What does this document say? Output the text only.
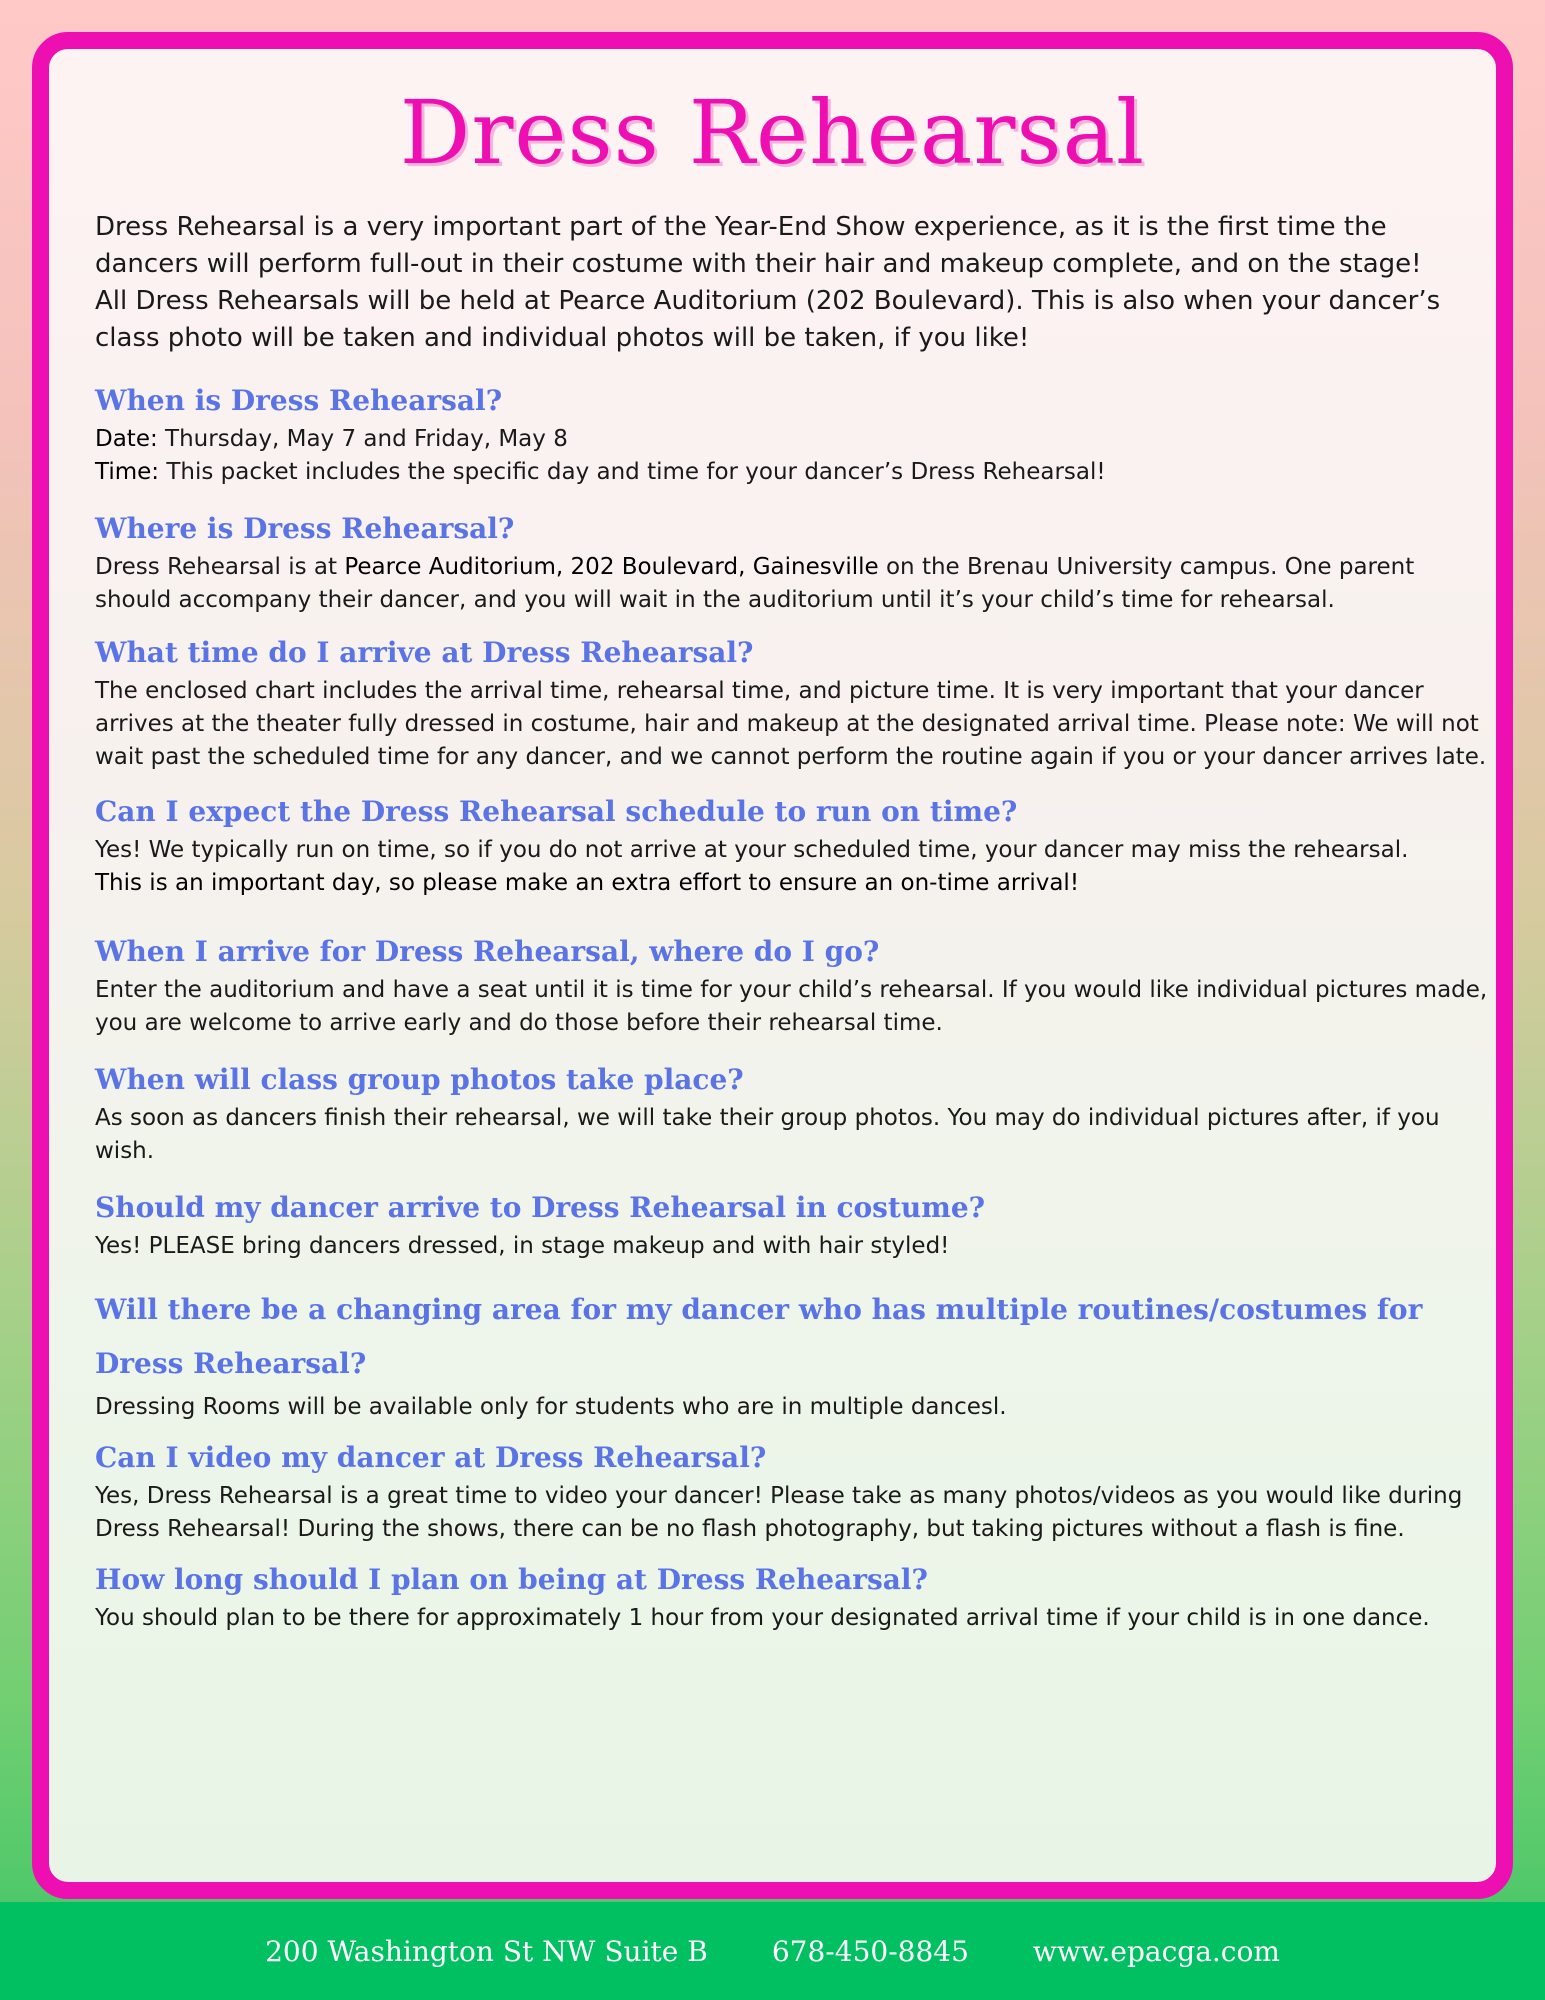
Dress Rehearsal

Dress Rehearsal is a very important part of the Year-End Show experience, as it is the first time the dancers will perform full-out in their costume with their hair and makeup complete, and on the stage! All Dress Rehearsals will be held at Pearce Auditorium (202 Boulevard). This is also when your dancer’s class photo will be taken and individual photos will be taken, if you like!

When is Dress Rehearsal?

Date: Thursday, May 7 and Friday, May 8
Time: This packet includes the specific day and time for your dancer’s Dress Rehearsal!

Where is Dress Rehearsal?

Dress Rehearsal is at Pearce Auditorium, 202 Boulevard, Gainesville on the Brenau University campus. One parent should accompany their dancer, and you will wait in the auditorium until it’s your child’s time for rehearsal.

What time do I arrive at Dress Rehearsal?

The enclosed chart includes the arrival time, rehearsal time, and picture time. It is very important that your dancer arrives at the theater fully dressed in costume, hair and makeup at the designated arrival time. Please note: We will not wait past the scheduled time for any dancer, and we cannot perform the routine again if you or your dancer arrives late.

Can I expect the Dress Rehearsal schedule to run on time?

Yes! We typically run on time, so if you do not arrive at your scheduled time, your dancer may miss the rehearsal.
This is an important day, so please make an extra effort to ensure an on-time arrival!

When I arrive for Dress Rehearsal, where do I go?

Enter the auditorium and have a seat until it is time for your child’s rehearsal. If you would like individual pictures made, you are welcome to arrive early and do those before their rehearsal time.

When will class group photos take place?

As soon as dancers finish their rehearsal, we will take their group photos. You may do individual pictures after, if you wish.

Should my dancer arrive to Dress Rehearsal in costume?

Yes! PLEASE bring dancers dressed, in stage makeup and with hair styled!

Will there be a changing area for my dancer who has multiple routines/costumes for Dress Rehearsal?

Dressing Rooms will be available only for students who are in multiple dancesl.

Can I video my dancer at Dress Rehearsal?

Yes, Dress Rehearsal is a great time to video your dancer! Please take as many photos/videos as you would like during Dress Rehearsal! During the shows, there can be no flash photography, but taking pictures without a flash is fine.

How long should I plan on being at Dress Rehearsal?

You should plan to be there for approximately 1 hour from your designated arrival time if your child is in one dance.

200 Washington St NW Suite B 678-450-8845 www.epacga.com
